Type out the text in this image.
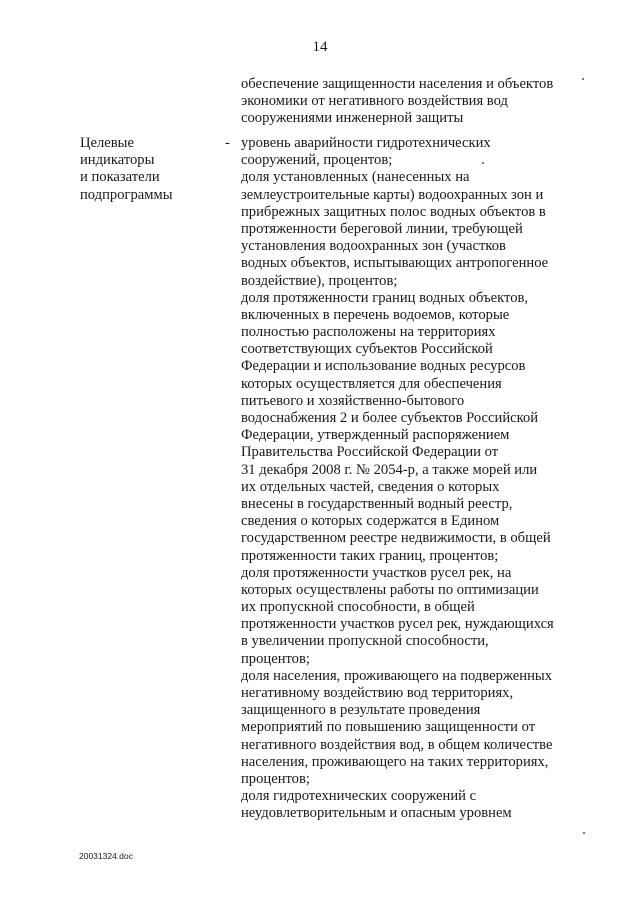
14
обеспечение защищенности населения и объектов
экономики от негативного воздействия вод
сооружениями инженерной защиты
Целевые
индикаторы
и показатели
подпрограммы
- уровень аварийности гидротехнических
сооружений, процентов;
доля установленных (нанесенных на
землеустроительные карты) водоохранных зон и
прибрежных защитных полос водных объектов в
протяженности береговой линии, требующей
установления водоохранных зон (участков
водных объектов, испытывающих антропогенное
воздействие), процентов;
доля протяженности границ водных объектов,
включенных в перечень водоемов, которые
полностью расположены на территориях
соответствующих субъектов Российской
Федерации и использование водных ресурсов
которых осуществляется для обеспечения
питьевого и хозяйственно-бытового
водоснабжения 2 и более субъектов Российской
Федерации, утвержденный распоряжением
Правительства Российской Федерации от
31 декабря 2008 г. № 2054-р, а также морей или
их отдельных частей, сведения о которых
внесены в государственный водный реестр,
сведения о которых содержатся в Едином
государственном реестре недвижимости, в общей
протяженности таких границ, процентов;
доля протяженности участков русел рек, на
которых осуществлены работы по оптимизации
их пропускной способности, в общей
протяженности участков русел рек, нуждающихся
в увеличении пропускной способности,
процентов;
доля населения, проживающего на подверженных
негативному воздействию вод территориях,
защищенного в результате проведения
мероприятий по повышению защищенности от
негативного воздействия вод, в общем количестве
населения, проживающего на таких территориях,
процентов;
доля гидротехнических сооружений с
неудовлетворительным и опасным уровнем
20031324.doc
